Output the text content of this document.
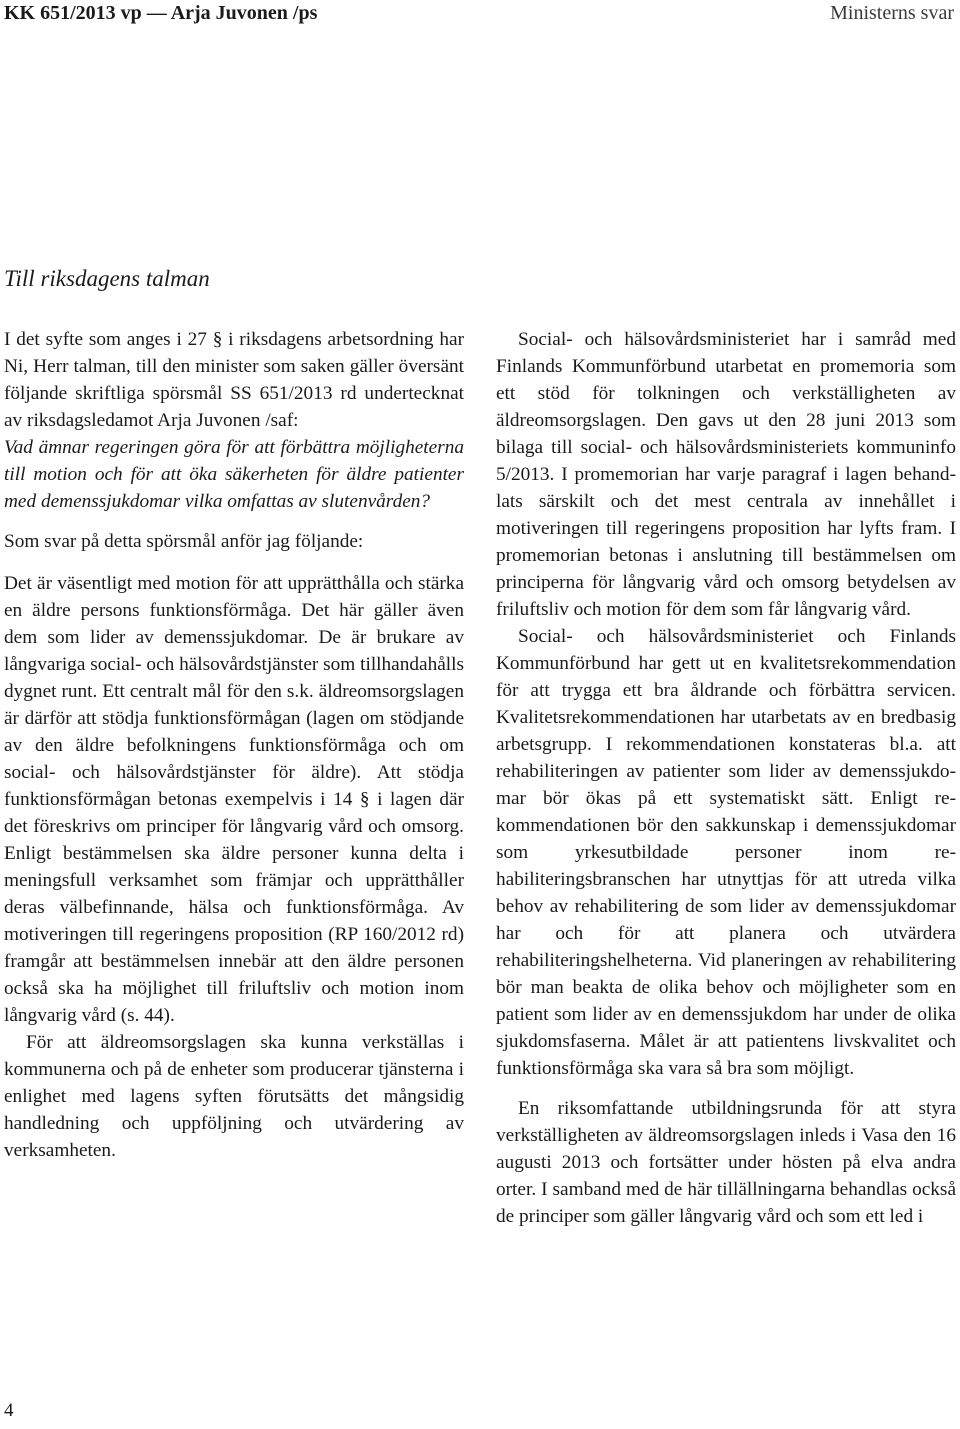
KK 651/2013 vp — Arja Juvonen /ps	Ministerns svar
Till riksdagens talman

I det syfte som anges i 27 § i riksdagens arbetsordning har Ni, Herr talman, till den minister som saken gäller översänt följande skriftliga spörsmål SS 651/2013 rd undertecknat av riksdagsledamot Arja Juvonen /saf:

Vad ämnar regeringen göra för att förbättra möjligheterna till motion och för att öka säkerheten för äldre patienter med demenssjukdomar vilka omfattas av slutenvården?

Som svar på detta spörsmål anför jag följande:

Det är väsentligt med motion för att upprätthålla och stärka en äldre persons funktionsförmåga. Det här gäller även dem som lider av demenssjukdomar. De är brukare av långvariga social- och hälsovårdstjänster som tillhandahålls dygnet runt. Ett centralt mål för den s.k. äldreomsorgslagen är därför att stödja funktionsförmågan (lagen om stödjande av den äldre befolkningens funktionsförmåga och om social- och hälsovårdstjänster för äldre). Att stödja funktionsförmågan betonas exempelvis i 14 § i lagen där det föreskrivs om principer för långvarig vård och omsorg. Enligt bestämmelsen ska äldre personer kunna delta i meningsfull verksamhet som främjar och upprätthåller deras välbefinnande, hälsa och funktionsförmåga. Av motiveringen till regeringens proposition (RP 160/2012 rd) framgår att bestämmelsen innebär att den äldre personen också ska ha möjlighet till friluftsliv och motion inom långvarig vård (s. 44).

För att äldreomsorgslagen ska kunna verkställas i kommunerna och på de enheter som producerar tjänsterna i enlighet med lagens syften förutsätts det mångsidig handledning och uppföljning och utvärdering av verksamheten.

Social- och hälsovårdsministeriet har i samråd med Finlands Kommunförbund utarbetat en promemoria som ett stöd för tolkningen och verkställigheten av äldreomsorgslagen. Den gavs ut den 28 juni 2013 som bilaga till social- och hälsovårdsministeriets kommuninfo 5/2013. I promemorian har varje paragraf i lagen behandlats särskilt och det mest centrala av innehållet i motiveringen till regeringens proposition har lyfts fram. I promemorian betonas i anslutning till bestämmelsen om principerna för långvarig vård och omsorg betydelsen av friluftsliv och motion för dem som får långvarig vård.

Social- och hälsovårdsministeriet och Finlands Kommunförbund har gett ut en kvalitetsrekommendation för att trygga ett bra åldrande och förbättra servicen. Kvalitetsrekommendationen har utarbetats av en bredbasig arbetsgrupp. I rekommendationen konstateras bl.a. att rehabiliteringen av patienter som lider av demenssjukdomar bör ökas på ett systematiskt sätt. Enligt rekommendationen bör den sakkunskap i demenssjukdomar som yrkesutbildade personer inom rehabiliteringsbranschen har utnyttjas för att utreda vilka behov av rehabilitering de som lider av demenssjukdomar har och för att planera och utvärdera rehabiliteringshelheterna. Vid planeringen av rehabilitering bör man beakta de olika behov och möjligheter som en patient som lider av en demenssjukdom har under de olika sjukdomsfaserna. Målet är att patientens livskvalitet och funktionsförmåga ska vara så bra som möjligt.

En riksomfattande utbildningsrunda för att styra verkställigheten av äldreomsorgslagen inleds i Vasa den 16 augusti 2013 och fortsätter under hösten på elva andra orter. I samband med de här tillällningarna behandlas också de principer som gäller långvarig vård och som ett led i

4
